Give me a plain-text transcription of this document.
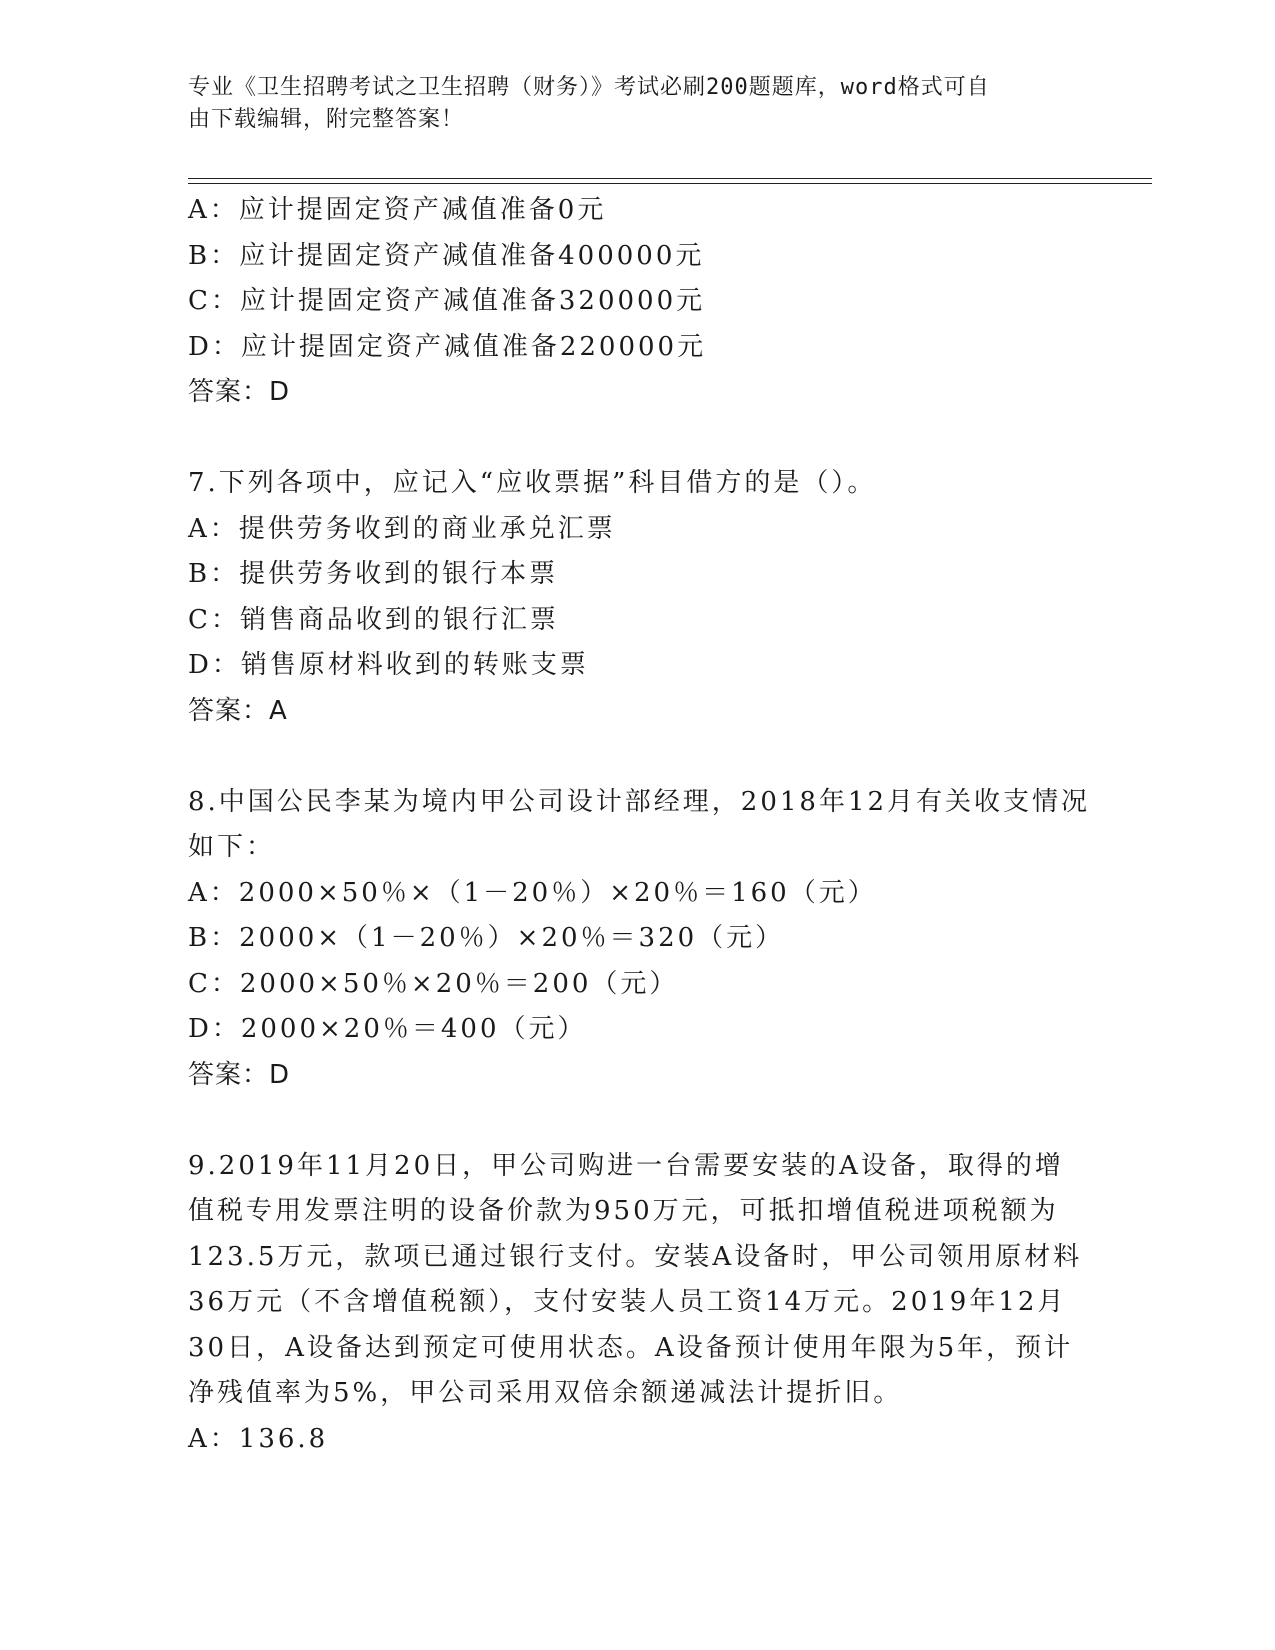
专业《卫生招聘考试之卫生招聘（财务）》考试必刷200题题库，word格式可自
由下载编辑，附完整答案！
A：应计提固定资产减值准备0元
B：应计提固定资产减值准备400000元
C：应计提固定资产减值准备320000元
D：应计提固定资产减值准备220000元
答案：D
7.下列各项中，应记入“应收票据”科目借方的是（）。
A：提供劳务收到的商业承兑汇票
B：提供劳务收到的银行本票
C：销售商品收到的银行汇票
D：销售原材料收到的转账支票
答案：A
8.中国公民李某为境内甲公司设计部经理，2018年12月有关收支情况
如下：
A：2000×50％×（1－20％）×20％＝160（元）
B：2000×（1－20％）×20％＝320（元）
C：2000×50％×20％＝200（元）
D：2000×20％＝400（元）
答案：D
9.2019年11月20日，甲公司购进一台需要安装的A设备，取得的增
值税专用发票注明的设备价款为950万元，可抵扣增值税进项税额为
123.5万元，款项已通过银行支付。安装A设备时，甲公司领用原材料
36万元（不含增值税额），支付安装人员工资14万元。2019年12月
30日，A设备达到预定可使用状态。A设备预计使用年限为5年，预计
净残值率为5%，甲公司采用双倍余额递减法计提折旧。
A：136.8
